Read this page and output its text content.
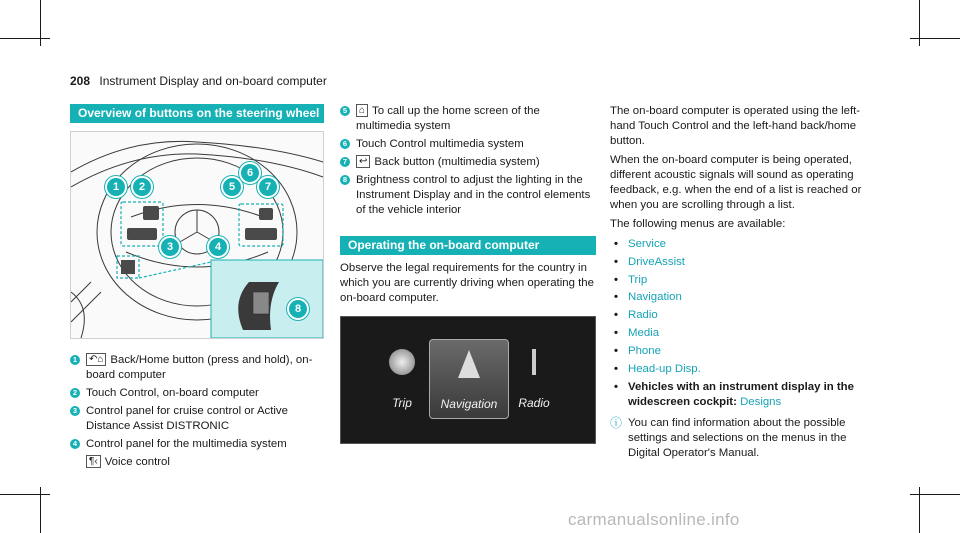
208 Instrument Display and on-board computer
Overview of buttons on the steering wheel
1	2
3	4
5
6
7
8
1 ↶⌂ Back/Home button (press and hold), on-board computer
2 Touch Control, on-board computer
3 Control panel for cruise control or Active Distance Assist DISTRONIC
4 Control panel for the multimedia system
¶‹ Voice control
5 ⌂ To call up the home screen of the multimedia system
6 Touch Control multimedia system
7 ↩ Back button (multimedia system)
8 Brightness control to adjust the lighting in the Instrument Display and in the control elements of the vehicle interior
Operating the on-board computer
Observe the legal requirements for the country in which you are currently driving when operating the on-board computer.
Trip	Navigation	Radio
The on-board computer is operated using the left-hand Touch Control and the left-hand back/home button.
When the on-board computer is being operated, different acoustic signals will sound as operating feedback, e.g. when the end of a list is reached or when you are scrolling through a list.
The following menus are available:
• Service
• DriveAssist
• Trip
• Navigation
• Radio
• Media
• Phone
• Head-up Disp.
• Vehicles with an instrument display in the widescreen cockpit: Designs
ⓘ You can find information about the possible settings and selections on the menus in the Digital Operator's Manual.
carmanualsonline.info
